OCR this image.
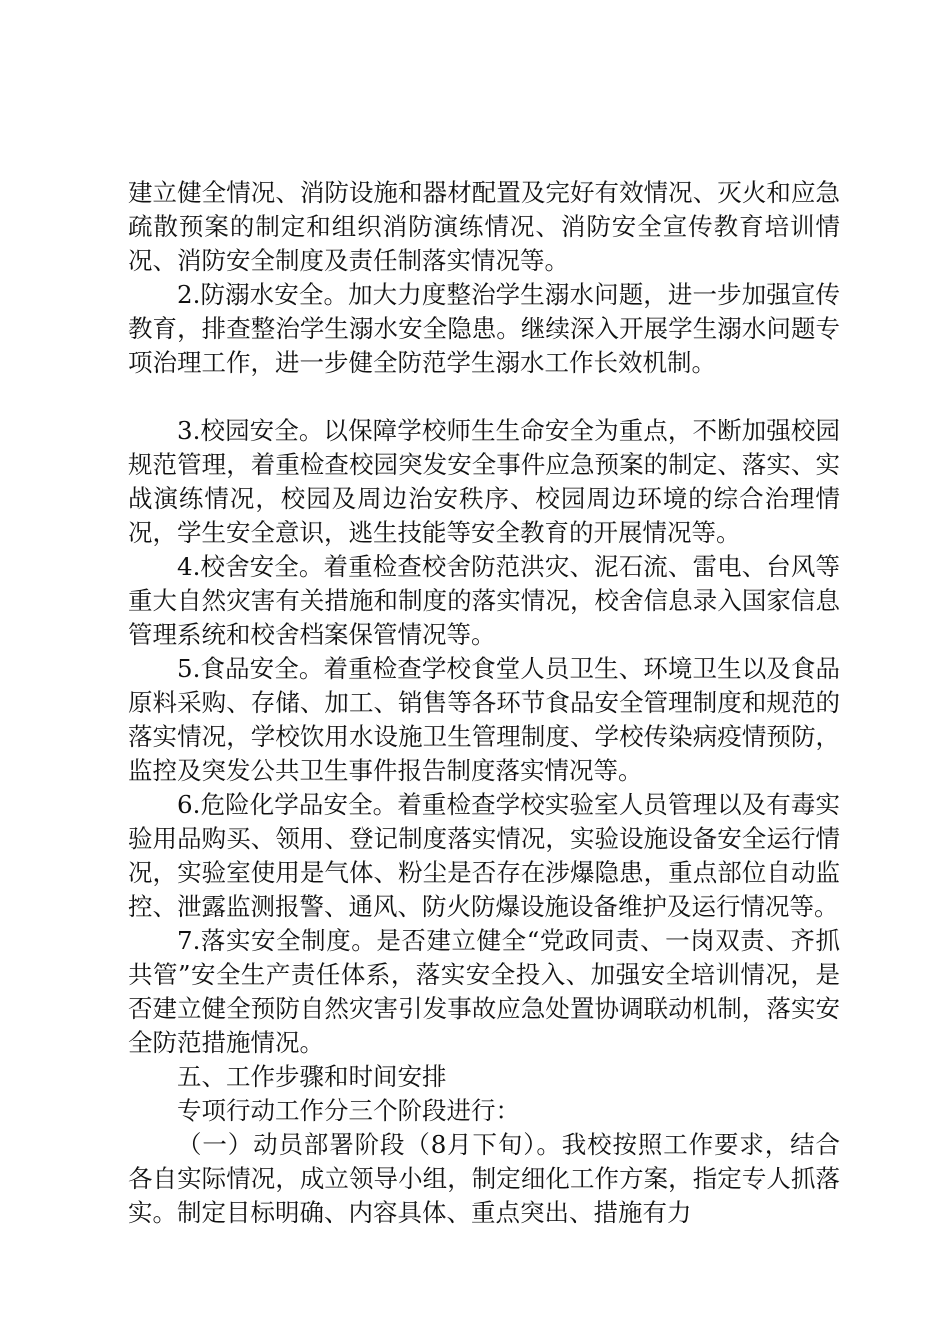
建立健全情况、消防设施和器材配置及完好有效情况、灭火和应急疏散预案的制定和组织消防演练情况、消防安全宣传教育培训情况、消防安全制度及责任制落实情况等。

2.防溺水安全。加大力度整治学生溺水问题，进一步加强宣传教育，排查整治学生溺水安全隐患。继续深入开展学生溺水问题专项治理工作，进一步健全防范学生溺水工作长效机制。

3.校园安全。以保障学校师生生命安全为重点，不断加强校园规范管理，着重检查校园突发安全事件应急预案的制定、落实、实战演练情况，校园及周边治安秩序、校园周边环境的综合治理情况，学生安全意识，逃生技能等安全教育的开展情况等。

4.校舍安全。着重检查校舍防范洪灾、泥石流、雷电、台风等重大自然灾害有关措施和制度的落实情况，校舍信息录入国家信息管理系统和校舍档案保管情况等。

5.食品安全。着重检查学校食堂人员卫生、环境卫生以及食品原料采购、存储、加工、销售等各环节食品安全管理制度和规范的落实情况，学校饮用水设施卫生管理制度、学校传染病疫情预防，监控及突发公共卫生事件报告制度落实情况等。

6.危险化学品安全。着重检查学校实验室人员管理以及有毒实验用品购买、领用、登记制度落实情况，实验设施设备安全运行情况，实验室使用是气体、粉尘是否存在涉爆隐患，重点部位自动监控、泄露监测报警、通风、防火防爆设施设备维护及运行情况等。

7.落实安全制度。是否建立健全“党政同责、一岗双责、齐抓共管”安全生产责任体系，落实安全投入、加强安全培训情况，是否建立健全预防自然灾害引发事故应急处置协调联动机制，落实安全防范措施情况。

五、工作步骤和时间安排

专项行动工作分三个阶段进行：

（一）动员部署阶段（8月下旬）。我校按照工作要求，结合各自实际情况，成立领导小组，制定细化工作方案，指定专人抓落实。制定目标明确、内容具体、重点突出、措施有力
